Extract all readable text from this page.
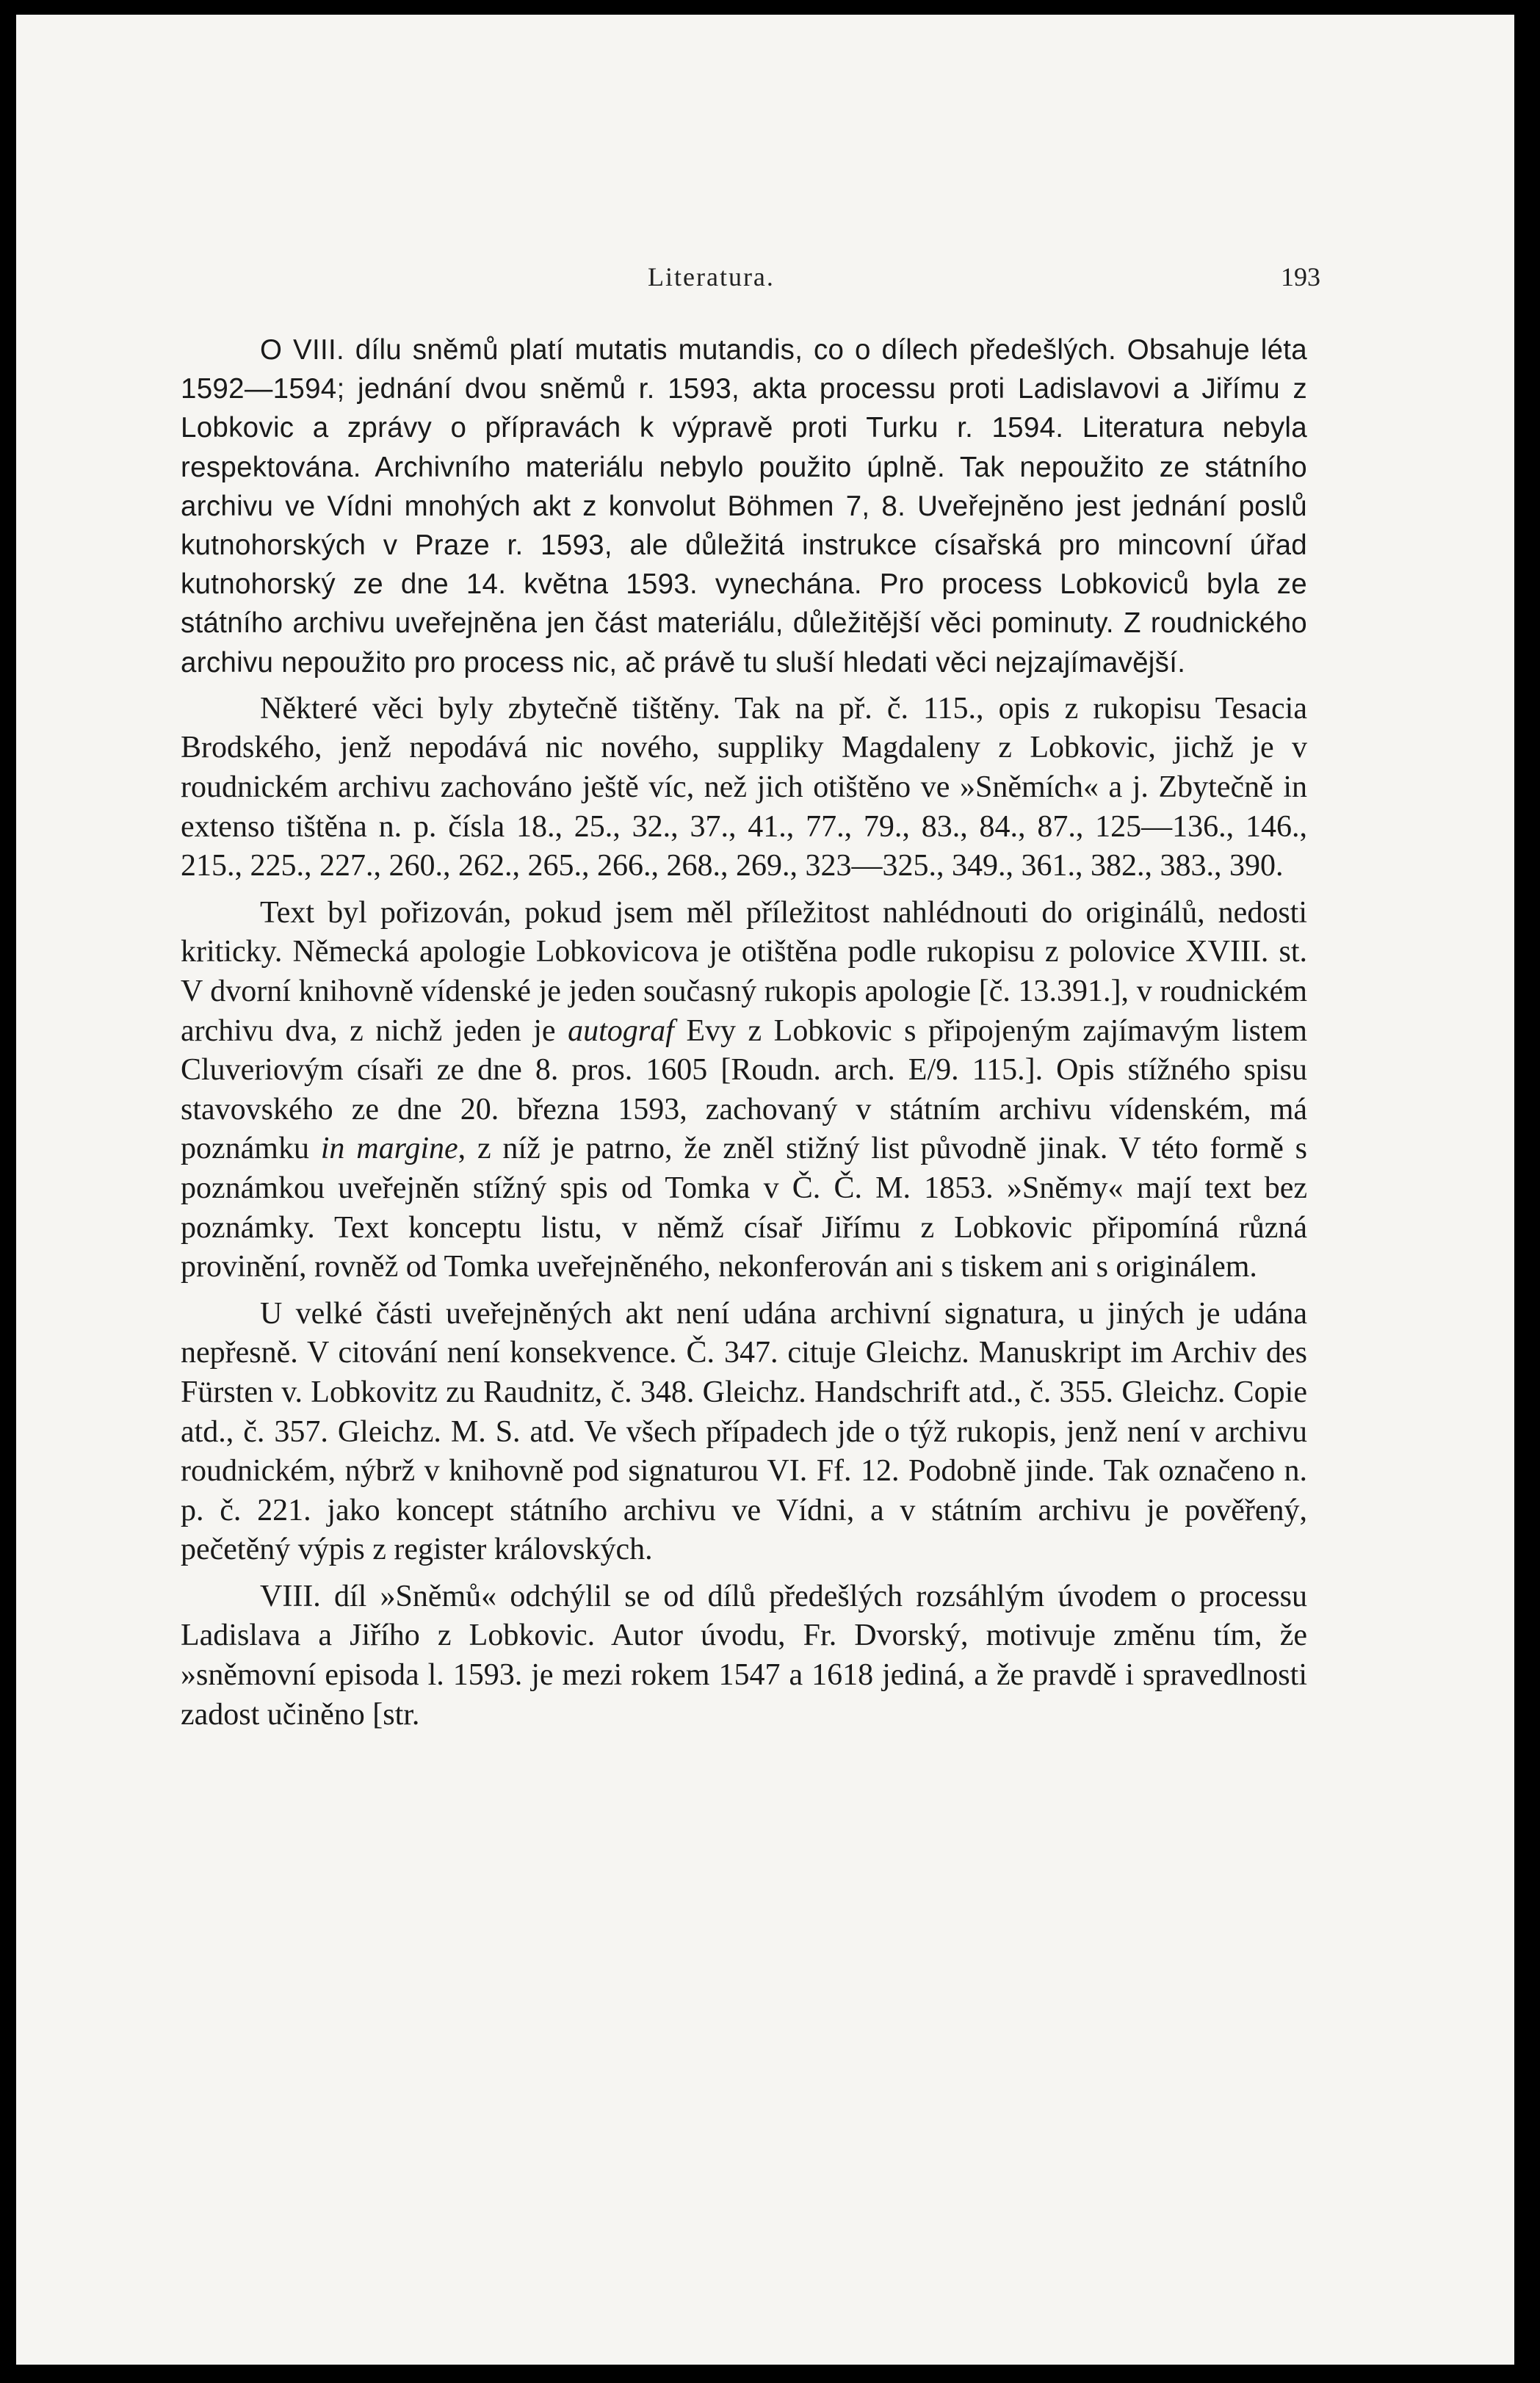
Literatura.	193

O VIII. dílu sněmů platí mutatis mutandis, co o dílech předešlých. Obsahuje léta 1592—1594; jednání dvou sněmů r. 1593, akta processu proti Ladislavovi a Jiřímu z Lobkovic a zprávy o přípravách k výpravě proti Turku r. 1594. Literatura nebyla respektována. Archivního materiálu nebylo použito úplně. Tak nepoužito ze státního archivu ve Vídni mnohých akt z konvolut Böhmen 7, 8. Uveřejněno jest jednání poslů kutnohorských v Praze r. 1593, ale důležitá instrukce císařská pro mincovní úřad kutnohorský ze dne 14. května 1593. vynechána. Pro process Lobkoviců byla ze státního archivu uveřejněna jen část materiálu, důležitější věci pominuty. Z roudnického archivu nepoužito pro process nic, ač právě tu sluší hledati věci nejzajímavější.

Některé věci byly zbytečně tištěny. Tak na př. č. 115., opis z rukopisu Tesacia Brodského, jenž nepodává nic nového, suppliky Magdaleny z Lobkovic, jichž je v roudnickém archivu zachováno ještě víc, než jich otištěno ve »Sněmích« a j. Zbytečně in extenso tištěna n. p. čísla 18., 25., 32., 37., 41., 77., 79., 83., 84., 87., 125—136., 146., 215., 225., 227., 260., 262., 265., 266., 268., 269., 323—325., 349., 361., 382., 383., 390.

Text byl pořizován, pokud jsem měl příležitost nahlédnouti do originálů, nedosti kriticky. Německá apologie Lobkovicova je otištěna podle rukopisu z polovice XVIII. st. V dvorní knihovně vídenské je jeden současný rukopis apologie [č. 13.391.], v roudnickém archivu dva, z nichž jeden je autograf Evy z Lobkovic s připojeným zajímavým listem Cluveriovým císaři ze dne 8. pros. 1605 [Roudn. arch. E/9. 115.]. Opis stížného spisu stavovského ze dne 20. března 1593, zachovaný v státním archivu vídenském, má poznámku in margine, z níž je patrno, že zněl stižný list původně jinak. V této formě s poznámkou uveřejněn stížný spis od Tomka v Č. Č. M. 1853. »Sněmy« mají text bez poznámky. Text konceptu listu, v němž císař Jiřímu z Lobkovic připomíná různá provinění, rovněž od Tomka uveřejněného, nekonferován ani s tiskem ani s originálem.

U velké části uveřejněných akt není udána archivní signatura, u jiných je udána nepřesně. V citování není konsekvence. Č. 347. cituje Gleichz. Manuskript im Archiv des Fürsten v. Lobkovitz zu Raudnitz, č. 348. Gleichz. Handschrift atd., č. 355. Gleichz. Copie atd., č. 357. Gleichz. M. S. atd. Ve všech případech jde o týž rukopis, jenž není v archivu roudnickém, nýbrž v knihovně pod signaturou VI. Ff. 12. Podobně jinde. Tak označeno n. p. č. 221. jako koncept státního archivu ve Vídni, a v státním archivu je pověřený, pečetěný výpis z register královských.

VIII. díl »Sněmů« odchýlil se od dílů předešlých rozsáhlým úvodem o processu Ladislava a Jiřího z Lobkovic. Autor úvodu, Fr. Dvorský, motivuje změnu tím, že »sněmovní episoda l. 1593. je mezi rokem 1547 a 1618 jediná, a že pravdě i spravedlnosti zadost učiněno [str.
